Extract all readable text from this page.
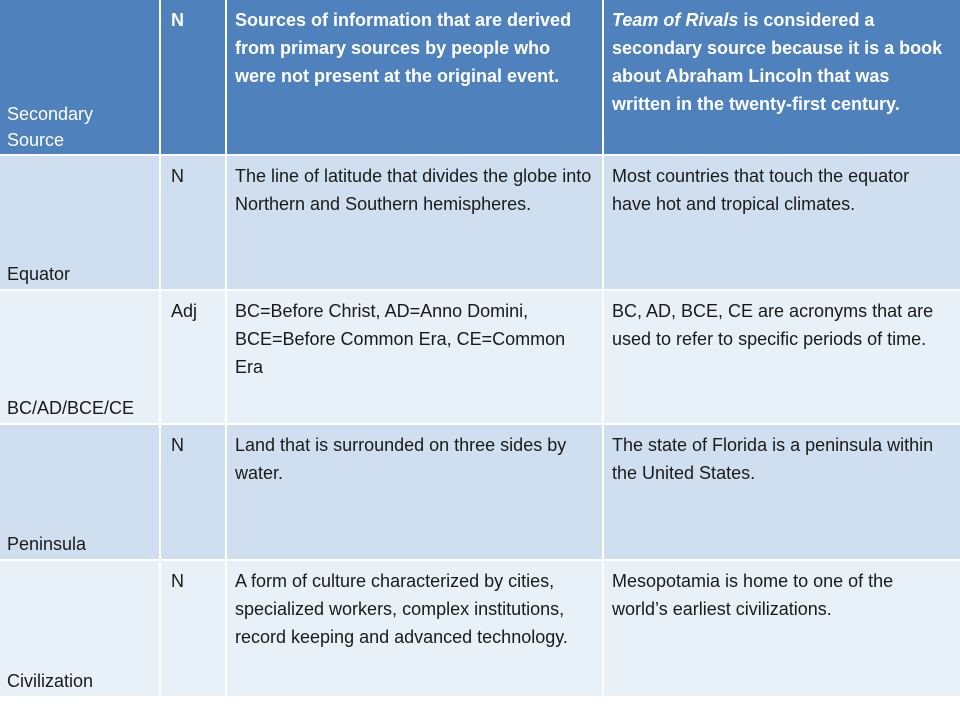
Secondary Source	N	Sources of information that are derived from primary sources by people who were not present at the original event.	Team of Rivals is considered a secondary source because it is a book about Abraham Lincoln that was written in the twenty-first century.
Equator	N	The line of latitude that divides the globe into Northern and Southern hemispheres.	Most countries that touch the equator have hot and tropical climates.
BC/AD/BCE/CE	Adj	BC=Before Christ, AD=Anno Domini, BCE=Before Common Era, CE=Common Era	BC, AD, BCE, CE are acronyms that are used to refer to specific periods of time.
Peninsula	N	Land that is surrounded on three sides by water.	The state of Florida is a peninsula within the United States.
Civilization	N	A form of culture characterized by cities, specialized workers, complex institutions, record keeping and advanced technology.	Mesopotamia is home to one of the world’s earliest civilizations.
